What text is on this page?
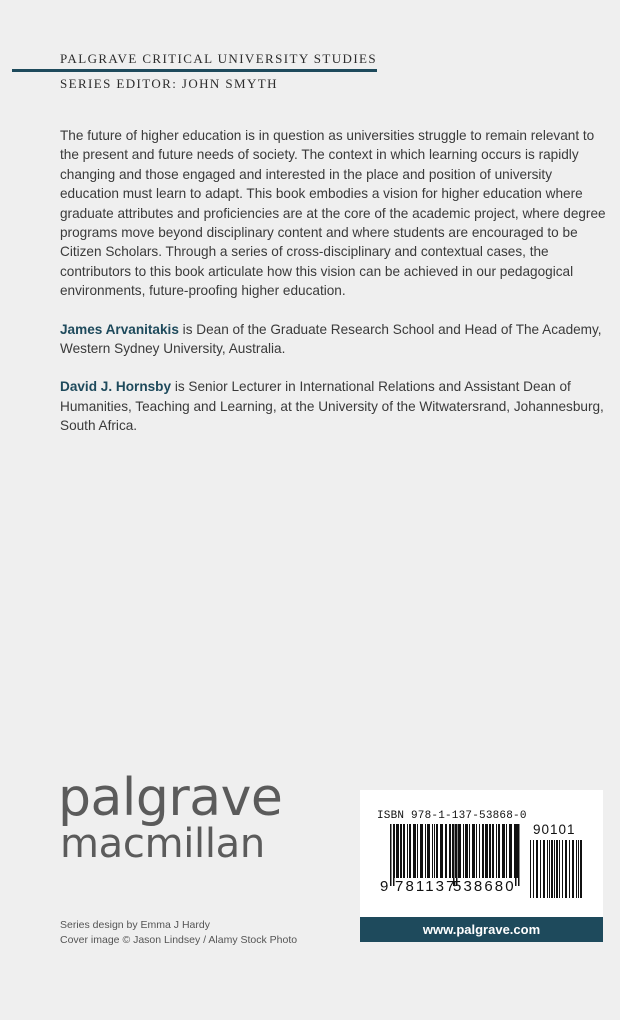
PALGRAVE CRITICAL UNIVERSITY STUDIES
SERIES EDITOR: JOHN SMYTH

The future of higher education is in question as universities struggle to remain relevant to the present and future needs of society. The context in which learning occurs is rapidly changing and those engaged and interested in the place and position of university education must learn to adapt. This book embodies a vision for higher education where graduate attributes and proficiencies are at the core of the academic project, where degree programs move beyond disciplinary content and where students are encouraged to be Citizen Scholars. Through a series of cross-disciplinary and contextual cases, the contributors to this book articulate how this vision can be achieved in our pedagogical environments, future-proofing higher education.

James Arvanitakis is Dean of the Graduate Research School and Head of The Academy, Western Sydney University, Australia.

David J. Hornsby is Senior Lecturer in International Relations and Assistant Dean of Humanities, Teaching and Learning, at the University of the Witwatersrand, Johannesburg, South Africa.

palgrave
macmillan
Series design by Emma J Hardy
Cover image © Jason Lindsey / Alamy Stock Photo
ISBN 978-1-137-53868-0
90101
9 781137
538680
www.palgrave.com
